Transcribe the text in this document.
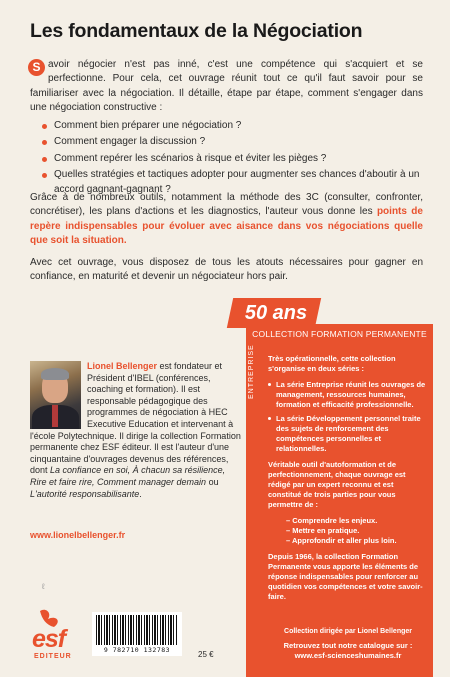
Les fondamentaux de la Négociation
S avoir négocier n'est pas inné, c'est une compétence qui s'acquiert et se perfectionne. Pour cela, cet ouvrage réunit tout ce qu'il faut savoir pour se familiariser avec la négociation. Il détaille, étape par étape, comment s'engager dans une négociation constructive :
Comment bien préparer une négociation ?
Comment engager la discussion ?
Comment repérer les scénarios à risque et éviter les pièges ?
Quelles stratégies et tactiques adopter pour augmenter ses chances d'aboutir à un accord gagnant-gagnant ?
Grâce à de nombreux outils, notamment la méthode des 3C (consulter, confronter, concrétiser), les plans d'actions et les diagnostics, l'auteur vous donne les points de repère indispensables pour évoluer avec aisance dans vos négociations quelle que soit la situation.
Avec cet ouvrage, vous disposez de tous les atouts nécessaires pour gagner en confiance, en maturité et devenir un négociateur hors pair.
50 ans
COLLECTION FORMATION PERMANENTE
ENTREPRISE	Très opérationnelle, cette collection s'organise en deux séries :

La série Entreprise réunit les ouvrages de management, ressources humaines, formation et efficacité professionnelle.
La série Développement personnel traite des sujets de renforcement des compétences personnelles et relationnelles.

Véritable outil d'autoformation et de perfectionnement, chaque ouvrage est rédigé par un expert reconnu et est constitué de trois parties pour vous permettre de :

– Comprendre les enjeux.
– Mettre en pratique.
– Approfondir et aller plus loin.

Depuis 1966, la collection Formation Permanente vous apporte les éléments de réponse indispensables pour renforcer au quotidien vos compétences et votre savoir-faire.

Collection dirigée par Lionel Bellenger
Retrouvez tout notre catalogue sur :
www.esf-scienceshumaines.fr
Lionel Bellenger est fondateur et Président d'IBEL (conférences, coaching et formation). Il est responsable pédagogique des programmes de négociation à HEC Executive Education et intervenant à l'école Polytechnique. Il dirige la collection Formation permanente chez ESF éditeur. Il est l'auteur d'une cinquantaine d'ouvrages devenus des références, dont La confiance en soi, À chacun sa résilience, Rire et faire rire, Comment manager demain ou L'autorité responsabilisante.
www.lionelbellenger.fr
ℓ
esf
EDITEUR
9 782710 132783	25 €
